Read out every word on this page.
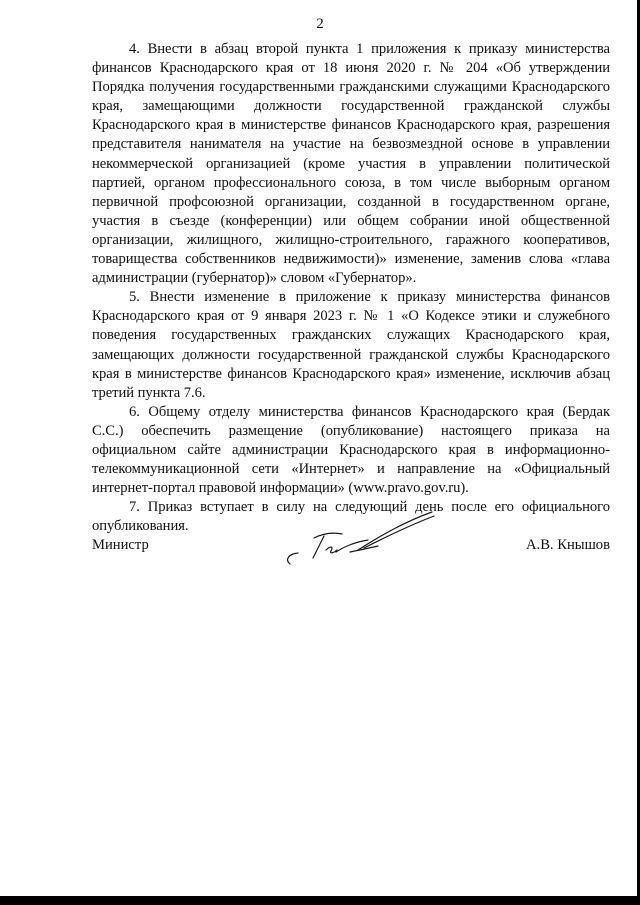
2

4. Внести в абзац второй пункта 1 приложения к приказу министерства финансов Краснодарского края от 18 июня 2020 г. № 204 «Об утверждении Порядка получения государственными гражданскими служащими Краснодарского края, замещающими должности государственной гражданской службы Краснодарского края в министерстве финансов Краснодарского края, разрешения представителя нанимателя на участие на безвозмездной основе в управлении некоммерческой организацией (кроме участия в управлении политической партией, органом профессионального союза, в том числе выборным органом первичной профсоюзной организации, созданной в государственном органе, участия в съезде (конференции) или общем собрании иной общественной организации, жилищного, жилищно-строительного, гаражного кооперативов, товарищества собственников недвижимости)» изменение, заменив слова «глава администрации (губернатор)» словом «Губернатор».

5. Внести изменение в приложение к приказу министерства финансов Краснодарского края от 9 января 2023 г. № 1 «О Кодексе этики и служебного поведения государственных гражданских служащих Краснодарского края, замещающих должности государственной гражданской службы Краснодарского края в министерстве финансов Краснодарского края» изменение, исключив абзац третий пункта 7.6.

6. Общему отделу министерства финансов Краснодарского края (Бердак С.С.) обеспечить размещение (опубликование) настоящего приказа на официальном сайте администрации Краснодарского края в информационно-телекоммуникационной сети «Интернет» и направление на «Официальный интернет-портал правовой информации» (www.pravo.gov.ru).

7. Приказ вступает в силу на следующий день после его официального опубликования.

Министр	А.В. Кнышов
